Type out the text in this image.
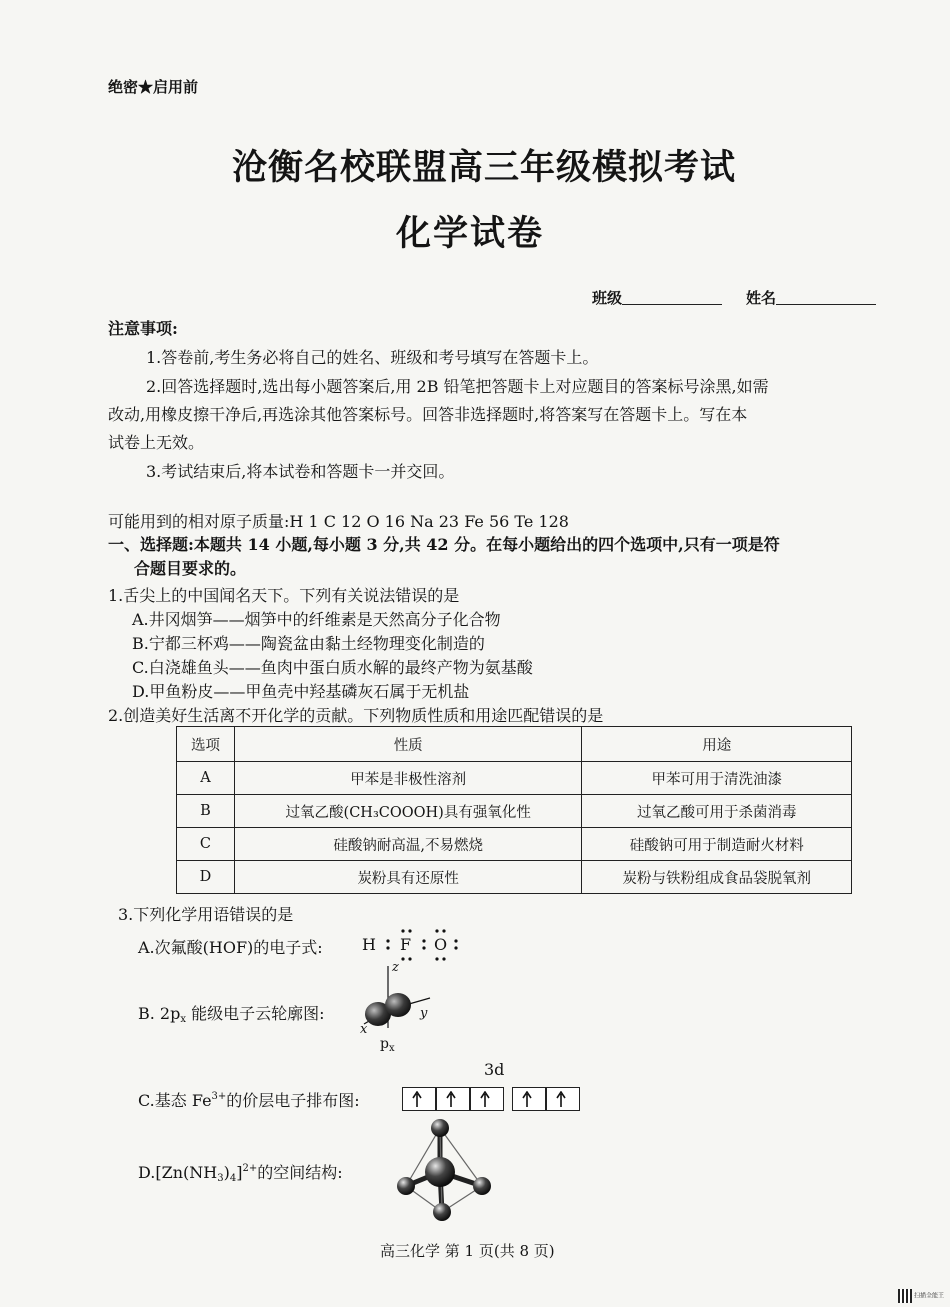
绝密★启用前
沧衡名校联盟高三年级模拟考试
化学试卷
班级	姓名
注意事项:
1.答卷前,考生务必将自己的姓名、班级和考号填写在答题卡上。
2.回答选择题时,选出每小题答案后,用 2B 铅笔把答题卡上对应题目的答案标号涂黑,如需
改动,用橡皮擦干净后,再选涂其他答案标号。回答非选择题时,将答案写在答题卡上。写在本
试卷上无效。
3.考试结束后,将本试卷和答题卡一并交回。
可能用到的相对原子质量:H 1 C 12 O 16 Na 23 Fe 56 Te 128
一、选择题:本题共 14 小题,每小题 3 分,共 42 分。在每小题给出的四个选项中,只有一项是符
合题目要求的。
1.舌尖上的中国闻名天下。下列有关说法错误的是
A.井冈烟笋——烟笋中的纤维素是天然高分子化合物
B.宁都三杯鸡——陶瓷盆由黏土经物理变化制造的
C.白浇雄鱼头——鱼肉中蛋白质水解的最终产物为氨基酸
D.甲鱼粉皮——甲鱼壳中羟基磷灰石属于无机盐
2.创造美好生活离不开化学的贡献。下列物质性质和用途匹配错误的是
选项	性质	用途
A	甲苯是非极性溶剂	甲苯可用于清洗油漆
B	过氧乙酸(CH₃COOOH)具有强氧化性	过氧乙酸可用于杀菌消毒
C	硅酸钠耐高温,不易燃烧	硅酸钠可用于制造耐火材料
D	炭粉具有还原性	炭粉与铁粉组成食品袋脱氧剂
3.下列化学用语错误的是
A.次氟酸(HOF)的电子式: H F O
B. $2p_x$ 能级电子云轮廓图:
z
y
x
$p_x$
C.基态 $Fe^{3+}$的价层电子排布图:
3d
$D.[Zn(NH_3)_4]^{2+}$的空间结构:
高三化学 第 1 页(共 8 页)
扫描全能王
